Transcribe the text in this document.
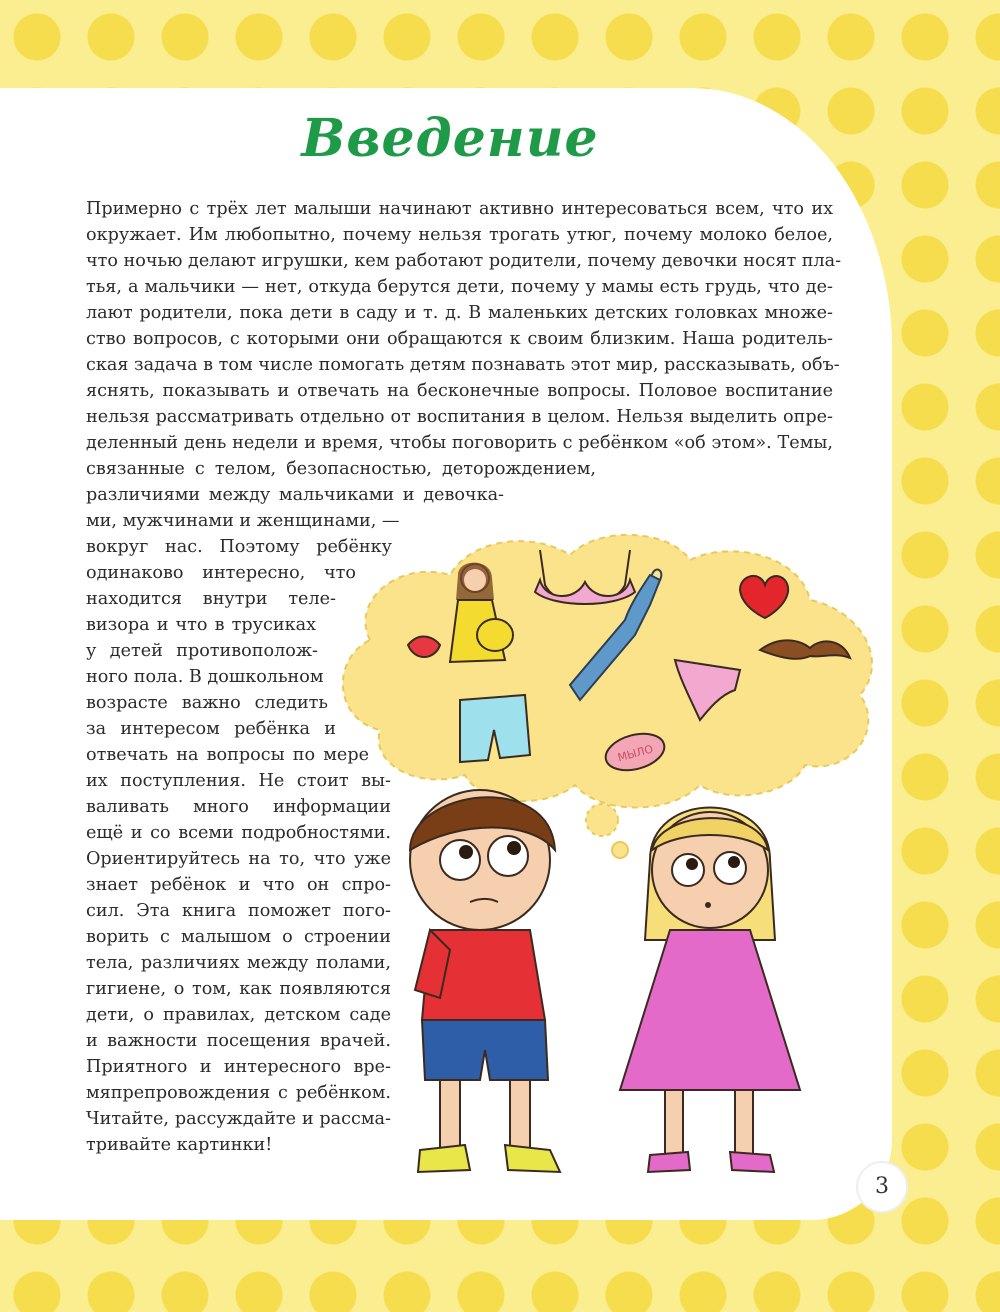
Введение
Примерно с трёх лет малыши начинают активно интересоваться всем, что их
окружает. Им любопытно, почему нельзя трогать утюг, почему молоко белое,
что ночью делают игрушки, кем работают родители, почему девочки носят пла-
тья, а мальчики — нет, откуда берутся дети, почему у мамы есть грудь, что де-
лают родители, пока дети в саду и т. д. В маленьких детских головках множе-
ство вопросов, с которыми они обращаются к своим близким. Наша родитель-
ская задача в том числе помогать детям познавать этот мир, рассказывать, объ-
яснять, показывать и отвечать на бесконечные вопросы. Половое воспитание
нельзя рассматривать отдельно от воспитания в целом. Нельзя выделить опре-
деленный день недели и время, чтобы поговорить с ребёнком «об этом». Темы,
связанные с телом, безопасностью, деторождением,
различиями между мальчиками и девочка-
ми, мужчинами и женщинами, —
вокруг нас. Поэтому ребёнку
одинаково интересно, что
находится внутри теле-
визора и что в трусиках
у детей противополож-
ного пола. В дошкольном
возрасте важно следить
за интересом ребёнка и
отвечать на вопросы по мере
их поступления. Не стоит вы-
валивать много информации
ещё и со всеми подробностями.
Ориентируйтесь на то, что уже
знает ребёнок и что он спро-
сил. Эта книга поможет пого-
ворить с малышом о строении
тела, различиях между полами,
гигиене, о том, как появляются
дети, о правилах, детском саде
и важности посещения врачей.
Приятного и интересного вре-
мяпрепровождения с ребёнком.
Читайте, рассуждайте и рассма-
тривайте картинки!
МЫЛО
3
